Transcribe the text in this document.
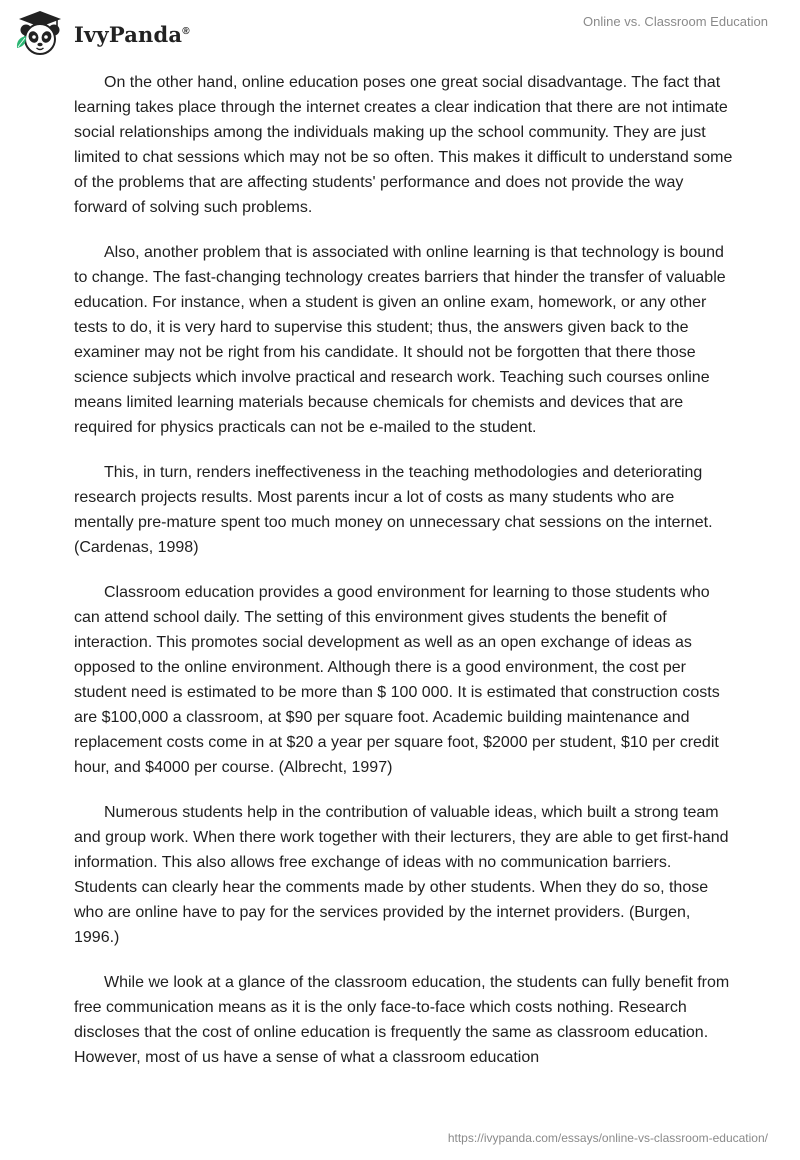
IvyPanda®
Online vs. Classroom Education

On the other hand, online education poses one great social disadvantage. The fact that learning takes place through the internet creates a clear indication that there are not intimate social relationships among the individuals making up the school community. They are just limited to chat sessions which may not be so often. This makes it difficult to understand some of the problems that are affecting students' performance and does not provide the way forward of solving such problems.

Also, another problem that is associated with online learning is that technology is bound to change. The fast-changing technology creates barriers that hinder the transfer of valuable education. For instance, when a student is given an online exam, homework, or any other tests to do, it is very hard to supervise this student; thus, the answers given back to the examiner may not be right from his candidate. It should not be forgotten that there those science subjects which involve practical and research work. Teaching such courses online means limited learning materials because chemicals for chemists and devices that are required for physics practicals can not be e-mailed to the student.

This, in turn, renders ineffectiveness in the teaching methodologies and deteriorating research projects results. Most parents incur a lot of costs as many students who are mentally pre-mature spent too much money on unnecessary chat sessions on the internet. (Cardenas, 1998)

Classroom education provides a good environment for learning to those students who can attend school daily. The setting of this environment gives students the benefit of interaction. This promotes social development as well as an open exchange of ideas as opposed to the online environment. Although there is a good environment, the cost per student need is estimated to be more than $ 100 000. It is estimated that construction costs are $100,000 a classroom, at $90 per square foot. Academic building maintenance and replacement costs come in at $20 a year per square foot, $2000 per student, $10 per credit hour, and $4000 per course. (Albrecht, 1997)

Numerous students help in the contribution of valuable ideas, which built a strong team and group work. When there work together with their lecturers, they are able to get first-hand information. This also allows free exchange of ideas with no communication barriers. Students can clearly hear the comments made by other students. When they do so, those who are online have to pay for the services provided by the internet providers. (Burgen, 1996.)

While we look at a glance of the classroom education, the students can fully benefit from free communication means as it is the only face-to-face which costs nothing. Research discloses that the cost of online education is frequently the same as classroom education. However, most of us have a sense of what a classroom education

https://ivypanda.com/essays/online-vs-classroom-education/
